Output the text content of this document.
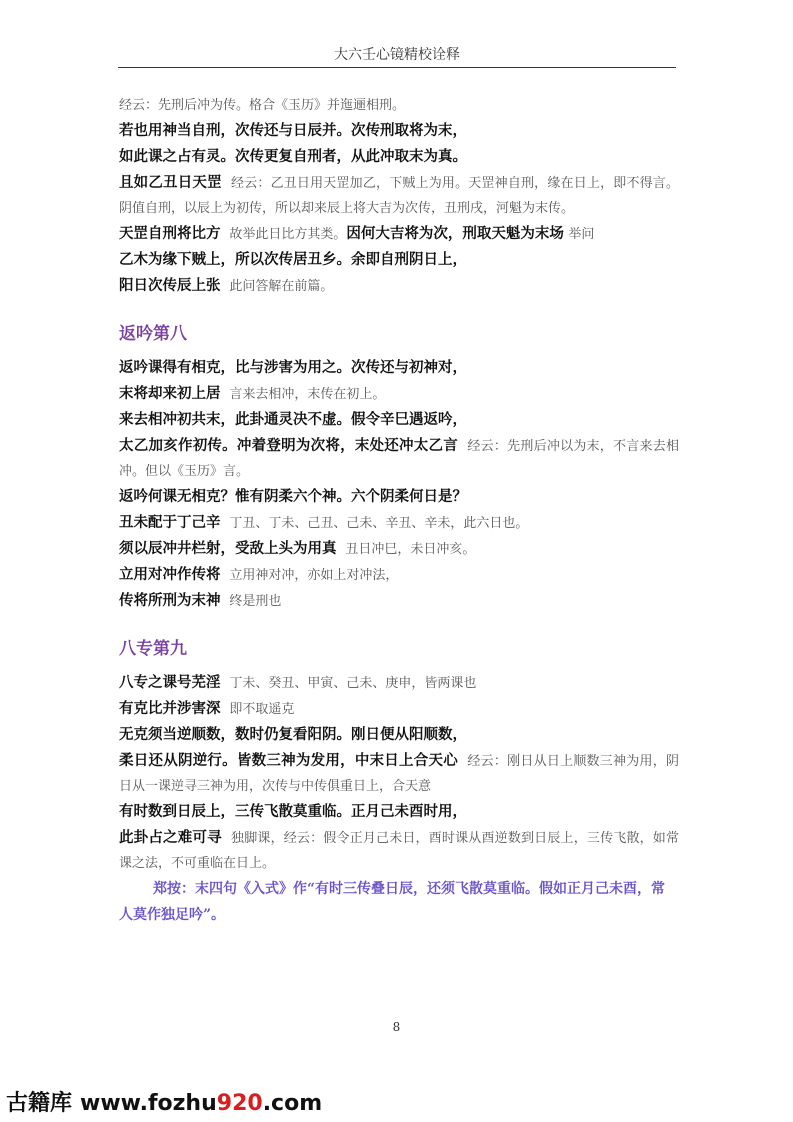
大六壬心镜精校诠释
经云：先刑后冲为传。格合《玉历》并迤逦相刑。
若也用神当自刑，次传还与日辰并。次传刑取将为末，
如此课之占有灵。次传更复自刑者，从此冲取末为真。
且如乙丑日天罡 经云：乙丑日用天罡加乙，下贼上为用。天罡神自刑，缘在日上，即不得言。阴值自刑，以辰上为初传，所以却来辰上将大吉为次传，丑刑戌，河魁为末传。
天罡自刑将比方 故举此日比方其类。因何大吉将为次，刑取天魁为末场 举问
乙木为缘下贼上，所以次传居丑乡。余即自刑阴日上，
阳日次传辰上张 此问答解在前篇。
返吟第八
返吟课得有相克，比与涉害为用之。次传还与初神对，
末将却来初上居 言来去相冲，末传在初上。
来去相冲初共末，此卦通灵决不虚。假令辛巳遇返吟，
太乙加亥作初传。冲着登明为次将，末处还冲太乙言 经云：先刑后冲以为末，不言来去相冲。但以《玉历》言。
返吟何课无相克？惟有阴柔六个神。六个阴柔何日是？
丑未配于丁己辛 丁丑、丁未、己丑、己未、辛丑、辛未，此六日也。
须以辰冲井栏射，受敌上头为用真 丑日冲巳，未日冲亥。
立用对冲作传将 立用神对冲，亦如上对冲法，
传将所刑为末神 终是刑也
八专第九
八专之课号芜淫 丁未、癸丑、甲寅、己未、庚申，皆两课也
有克比并涉害深 即不取遥克
无克须当逆顺数，数时仍复看阳阴。刚日便从阳顺数，
柔日还从阴逆行。皆数三神为发用，中末日上合天心 经云：刚日从日上顺数三神为用，阴日从一课逆寻三神为用，次传与中传俱重日上，合天意
有时数到日辰上，三传飞散莫重临。正月己未酉时用，
此卦占之难可寻 独脚课，经云：假令正月己未日，酉时课从酉逆数到日辰上，三传飞散，如常课之法，不可重临在日上。
郑按：末四句《入式》作“有时三传叠日辰，还须飞散莫重临。假如正月己未酉，常人莫作独足吟”。
8
古籍库 www.fozhu920.com
